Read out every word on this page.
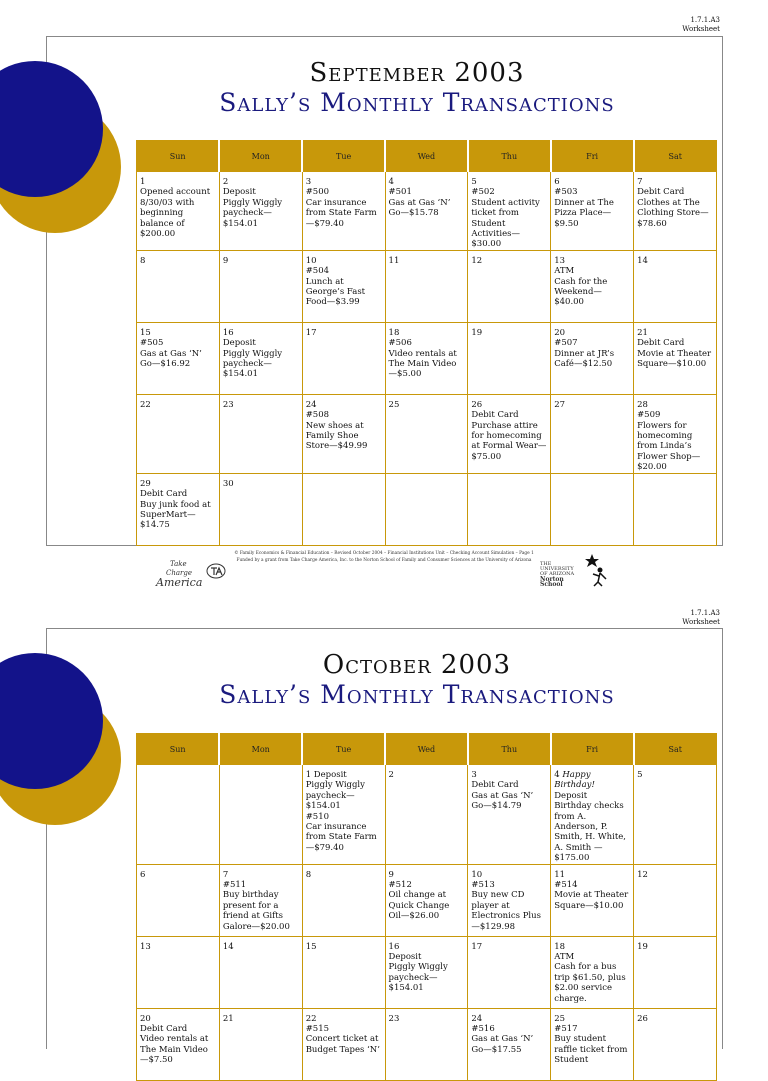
1.7.1.A3
Worksheet
September 2003
Sally’s Monthly Transactions
Sun	Mon	Tue	Wed	Thu	Fri	Sat
1
Opened account 8/30/03 with beginning balance of $200.00	2
Deposit
Piggly Wiggly paycheck—$154.01	3
#500
Car insurance from State Farm—$79.40	4
#501
Gas at Gas ‘N’ Go—$15.78	5
#502
Student activity ticket from Student Activities—$30.00	6
#503
Dinner at The Pizza Place—$9.50	7
Debit Card
Clothes at The Clothing Store—$78.60
8	9	10
#504
Lunch at George’s Fast Food—$3.99	11	12	13
ATM
Cash for the Weekend—$40.00	14
15
#505
Gas at Gas ‘N’ Go—$16.92	16
Deposit
Piggly Wiggly paycheck—$154.01	17	18
#506
Video rentals at The Main Video—$5.00	19	20
#507
Dinner at JR’s Café—$12.50	21
Debit Card
Movie at Theater Square—$10.00
22	23	24
#508
New shoes at Family Shoe Store—$49.99	25	26
Debit Card
Purchase attire for homecoming at Formal Wear—$75.00	27	28
#509
Flowers for homecoming from Linda’s Flower Shop—$20.00
29
Debit Card
Buy junk food at SuperMart—$14.75	30					
© Family Economics & Financial Education – Revised October 2004 – Financial Institutions Unit – Checking Account Simulation – Page 1
Funded by a grant from Take Charge America, Inc. to the Norton School of Family and Consumer Sciences at the University of Arizona
Take
Charge
America
THE UNIVERSITY OF ARIZONA
Norton School
1.7.1.A3
Worksheet
October 2003
Sally’s Monthly Transactions
Sun	Mon	Tue	Wed	Thu	Fri	Sat
		1 Deposit
Piggly Wiggly paycheck—$154.01
#510
Car insurance from State Farm—$79.40	2	3
Debit Card
Gas at Gas ‘N’ Go—$14.79	4 Happy Birthday!
Deposit
Birthday checks from A. Anderson, P. Smith, H. White, A. Smith —$175.00	5
6	7
#511
Buy birthday present for a friend at Gifts Galore—$20.00	8	9
#512
Oil change at Quick Change Oil—$26.00	10
#513
Buy new CD player at Electronics Plus—$129.98	11
#514
Movie at Theater Square—$10.00	12
13	14	15	16
Deposit
Piggly Wiggly paycheck—$154.01	17	18
ATM
Cash for a bus trip $61.50, plus $2.00 service charge.	19
20
Debit Card
Video rentals at The Main Video—$7.50	21	22
#515
Concert ticket at Budget Tapes ‘N’	23	24
#516
Gas at Gas ‘N’ Go—$17.55	25
#517
Buy student raffle ticket from Student	26
